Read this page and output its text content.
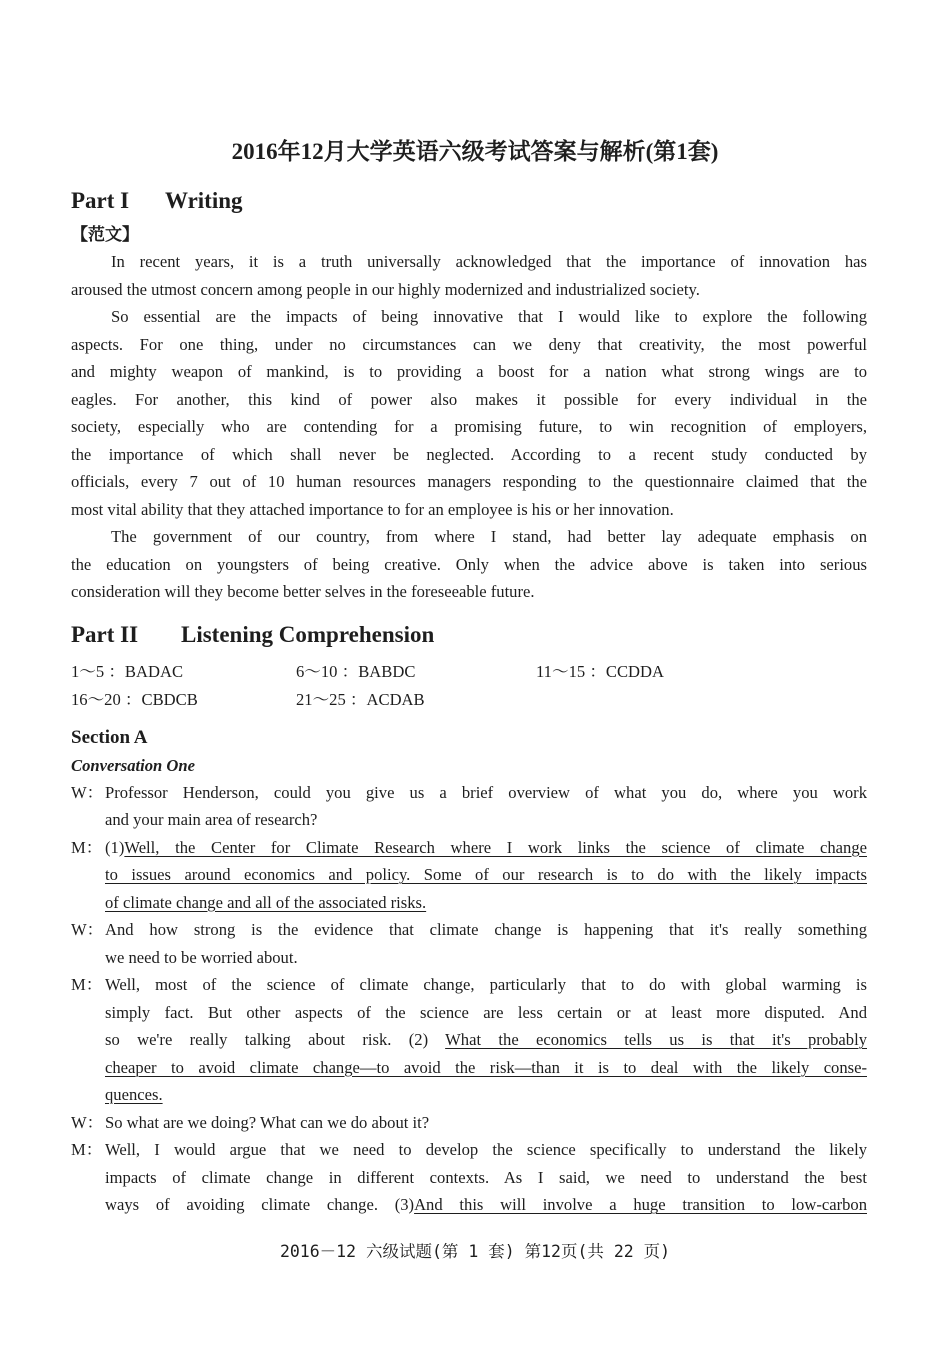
2016年12月大学英语六级考试答案与解析(第1套)
Part I Writing
【范文】
In recent years, it is a truth universally acknowledged that the importance of innovation has
aroused the utmost concern among people in our highly modernized and industrialized society.
So essential are the impacts of being innovative that I would like to explore the following
aspects. For one thing, under no circumstances can we deny that creativity, the most powerful
and mighty weapon of mankind, is to providing a boost for a nation what strong wings are to
eagles. For another, this kind of power also makes it possible for every individual in the
society, especially who are contending for a promising future, to win recognition of employers,
the importance of which shall never be neglected. According to a recent study conducted by
officials, every 7 out of 10 human resources managers responding to the questionnaire claimed that the
most vital ability that they attached importance to for an employee is his or her innovation.
The government of our country, from where I stand, had better lay adequate emphasis on
the education on youngsters of being creative. Only when the advice above is taken into serious
consideration will they become better selves in the foreseeable future.
Part II Listening Comprehension
1～5 ：BADAC	6～10 ：BABDC	11～15 ：CCDDA
16～20 ：CBDCB	21～25 ：ACDAB
Section A
Conversation One
W： Professor Henderson, could you give us a brief overview of what you do, where you work
and your main area of research?
M： (1)Well, the Center for Climate Research where I work links the science of climate change
to issues around economics and policy. Some of our research is to do with the likely impacts
of climate change and all of the associated risks.
W： And how strong is the evidence that climate change is happening that it's really something
we need to be worried about.
M： Well, most of the science of climate change, particularly that to do with global warming is
simply fact. But other aspects of the science are less certain or at least more disputed. And
so we're really talking about risk. (2) What the economics tells us is that it's probably
cheaper to avoid climate change—to avoid the risk—than it is to deal with the likely conse-
quences.
W： So what are we doing? What can we do about it?
M： Well, I would argue that we need to develop the science specifically to understand the likely
impacts of climate change in different contexts. As I said, we need to understand the best
ways of avoiding climate change. (3)And this will involve a huge transition to low-carbon
2016－12 六级试题(第 1 套) 第12页(共 22 页)
